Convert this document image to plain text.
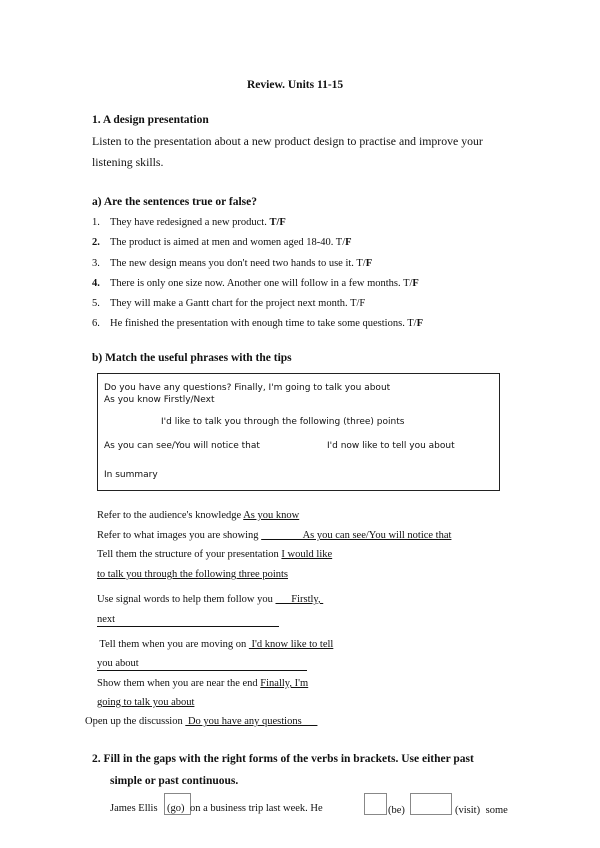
Review. Units 11-15
1. A design presentation
Listen to the presentation about a new product design to practise and improve your
listening skills.
a) Are the sentences true or false?
1. They have redesigned a new product. T/F
2. The product is aimed at men and women aged 18-40. T/F
3. The new design means you don't need two hands to use it. T/F
4. There is only one size now. Another one will follow in a few months. T/F
5. They will make a Gantt chart for the project next month. T/F
6. He finished the presentation with enough time to take some questions. T/F
b) Match the useful phrases with the tips
Do you have any questions? Finally, I'm going to talk you about
As you know Firstly/Next
I'd like to talk you through the following (three) points
As you can see/You will notice that	I'd now like to tell you about
In summary
Refer to the audience's knowledge As you know
Refer to what images you are showing                 As you can see/You will notice that
Tell them the structure of your presentation I would like
to talk you through the following three points
Use signal words to help them follow you       Firstly,
next
Tell them when you are moving on  I'd know like to tell
you about
Show them when you are near the end Finally, I'm
going to talk you about
Open up the discussion  Do you have any questions
2. Fill in the gaps with the right forms of the verbs in brackets. Use either past
simple or past continuous.
James Ellis (go) on a business trip last week. He	(be)	(visit) some
